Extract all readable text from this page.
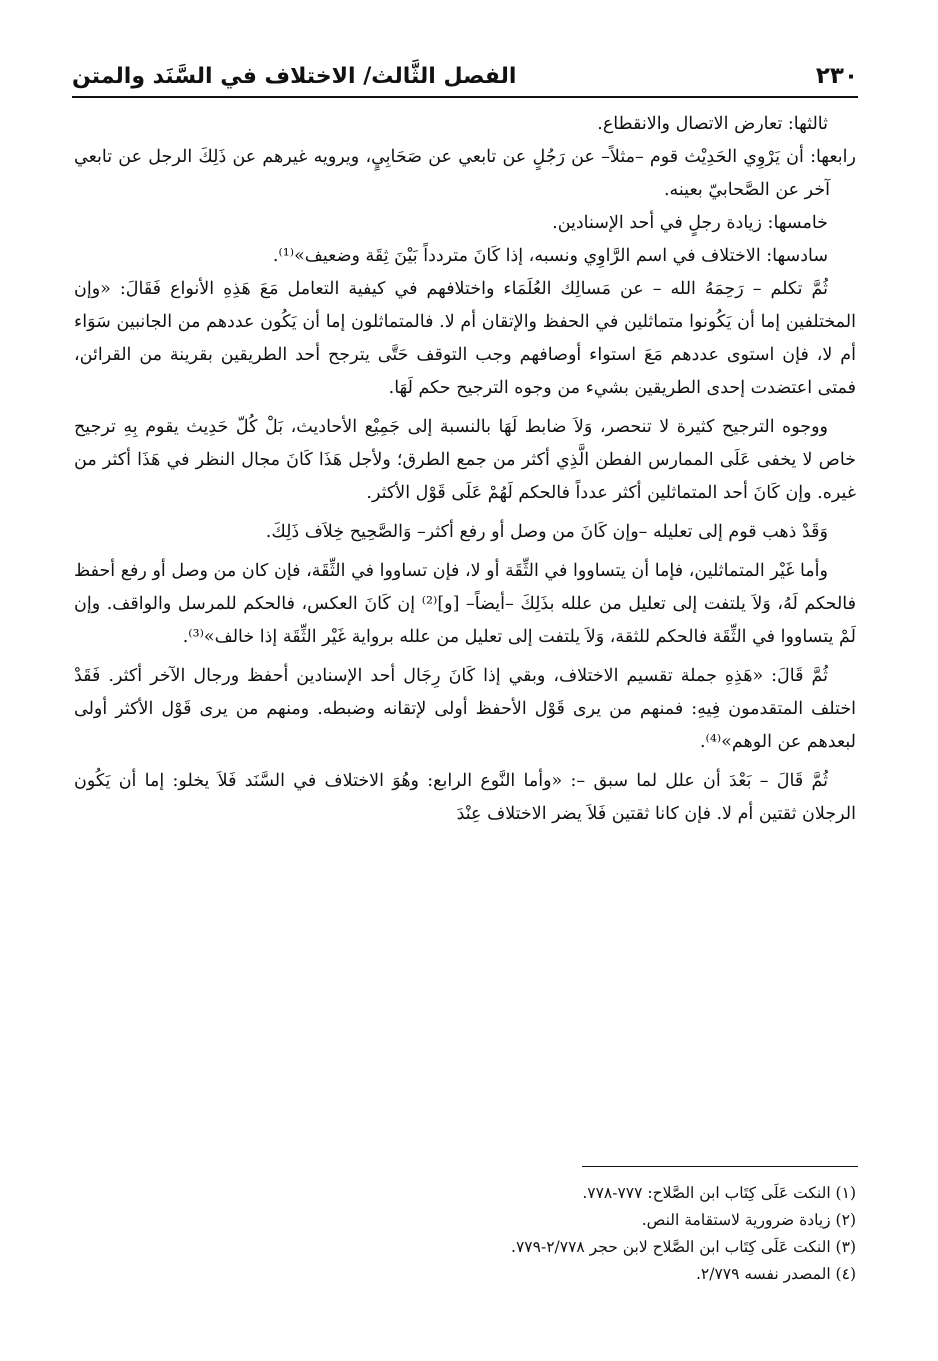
٢٣٠
الفصل الثَّالث/ الاختلاف في السَّنَد والمتن

ثالثها: تعارض الاتصال والانقطاع.

رابعها: أن يَرْوِي الحَدِيْث قوم –مثلاً– عن رَجُلٍ عن تابعي عن صَحَابِيٍ، ويرويه غيرهم عن ذَلِكَ الرجل عن تابعي آخر عن الصَّحابيّ بعينه.

خامسها: زيادة رجلٍ في أحد الإسنادين.

سادسها: الاختلاف في اسم الرَّاوِي ونسبه، إذا كَانَ متردداً بَيْنَ ثِقَة وضعيف»⁽¹⁾.

ثُمَّ تكلم – رَحِمَهُ الله – عن مَسالِك العُلَمَاء واختلافهم في كيفية التعامل مَعَ هَذِهِ الأنواع فَقَالَ: «وإن المختلفين إما أن يَكُونوا متماثلين في الحفظ والإتقان أم لا. فالمتماثلون إما أن يَكُون عددهم من الجانبين سَوَاء أم لا، فإن استوى عددهم مَعَ استواء أوصافهم وجب التوقف حَتَّى يترجح أحد الطريقين بقرينة من القرائن، فمتى اعتضدت إحدى الطريقين بشيء من وجوه الترجيح حكم لَهَا.

ووجوه الترجيح كثيرة لا تنحصر، وَلاَ ضابط لَهَا بالنسبة إلى جَمِيْع الأحاديث، بَلْ كُلّ حَدِيث يقوم بِهِ ترجيح خاص لا يخفى عَلَى الممارس الفطن الَّذِي أكثر من جمع الطرق؛ ولأجل هَذَا كَانَ مجال النظر في هَذَا أكثر من غيره. وإن كَانَ أحد المتماثلين أكثر عدداً فالحكم لَهُمْ عَلَى قَوْل الأكثر.

وَقَدْ ذهب قوم إلى تعليله –وإن كَانَ من وصل أو رفع أكثر– وَالصَّحِيح خِلاَف ذَلِكَ.

وأما غَيْر المتماثلين، فإما أن يتساووا في الثِّقَة أو لا، فإن تساووا في الثِّقَة، فإن كان من وصل أو رفع أحفظ فالحكم لَهُ، وَلاَ يلتفت إلى تعليل من علله بذَلِكَ –أيضاً– [و]⁽²⁾ إن كَانَ العكس، فالحكم للمرسل والواقف. وإن لَمْ يتساووا في الثِّقَة فالحكم للثقة، وَلاَ يلتفت إلى تعليل من علله برواية غَيْر الثِّقَة إذا خالف»⁽³⁾.

ثُمَّ قَالَ: «هَذِهِ جملة تقسيم الاختلاف، وبقي إذا كَانَ رِجَال أحد الإسنادين أحفظ ورجال الآخر أكثر. فَقَدْ اختلف المتقدمون فِيهِ: فمنهم من يرى قَوْل الأحفظ أولى لإتقانه وضبطه. ومنهم من يرى قَوْل الأكثر أولى لبعدهم عن الوهم»⁽⁴⁾.

ثُمَّ قَالَ – بَعْدَ أن علل لما سبق –: «وأما النَّوع الرابع: وهُوَ الاختلاف في السَّنَد فَلاَ يخلو: إما أن يَكُون الرجلان ثقتين أم لا. فإن كانا ثقتين فَلاَ يضر الاختلاف عِنْدَ

(١) النكت عَلَى كِتَاب ابن الصَّلاح: ٧٧٧-٧٧٨.

(٢) زيادة ضرورية لاستقامة النص.

(٣) النكت عَلَى كِتَاب ابن الصَّلاح لابن حجر ٢/٧٧٨-٧٧٩.

(٤) المصدر نفسه ٢/٧٧٩.
